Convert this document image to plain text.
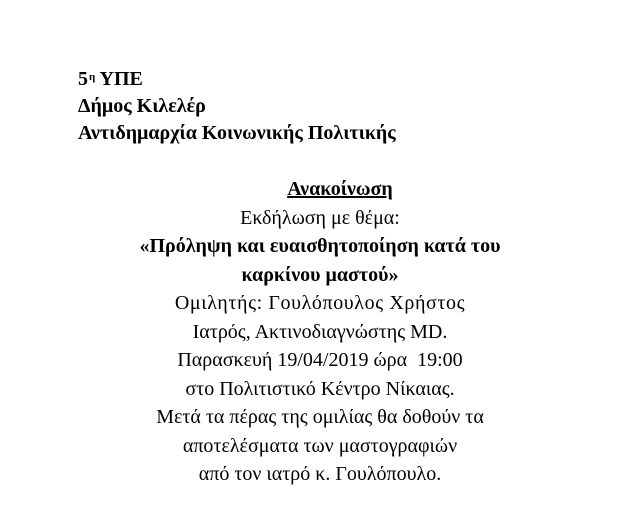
$5^\eta$ ΥΠΕ
Δήμος Κιλελέρ
Αντιδημαρχία Κοινωνικής Πολιτικής
Ανακοίνωση
Εκδήλωση με θέμα:
«Πρόληψη και ευαισθητοποίηση κατά του
καρκίνου μαστού»
Ομιλητής: Γουλόπουλος Χρήστος
Ιατρός, Ακτινοδιαγνώστης MD.
Παρασκευή 19/04/2019 ώρα  19:00
στο Πολιτιστικό Κέντρο Νίκαιας.
Μετά τα πέρας της ομιλίας θα δοθούν τα
αποτελέσματα των μαστογραφιών
από τον ιατρό κ. Γουλόπουλο.
